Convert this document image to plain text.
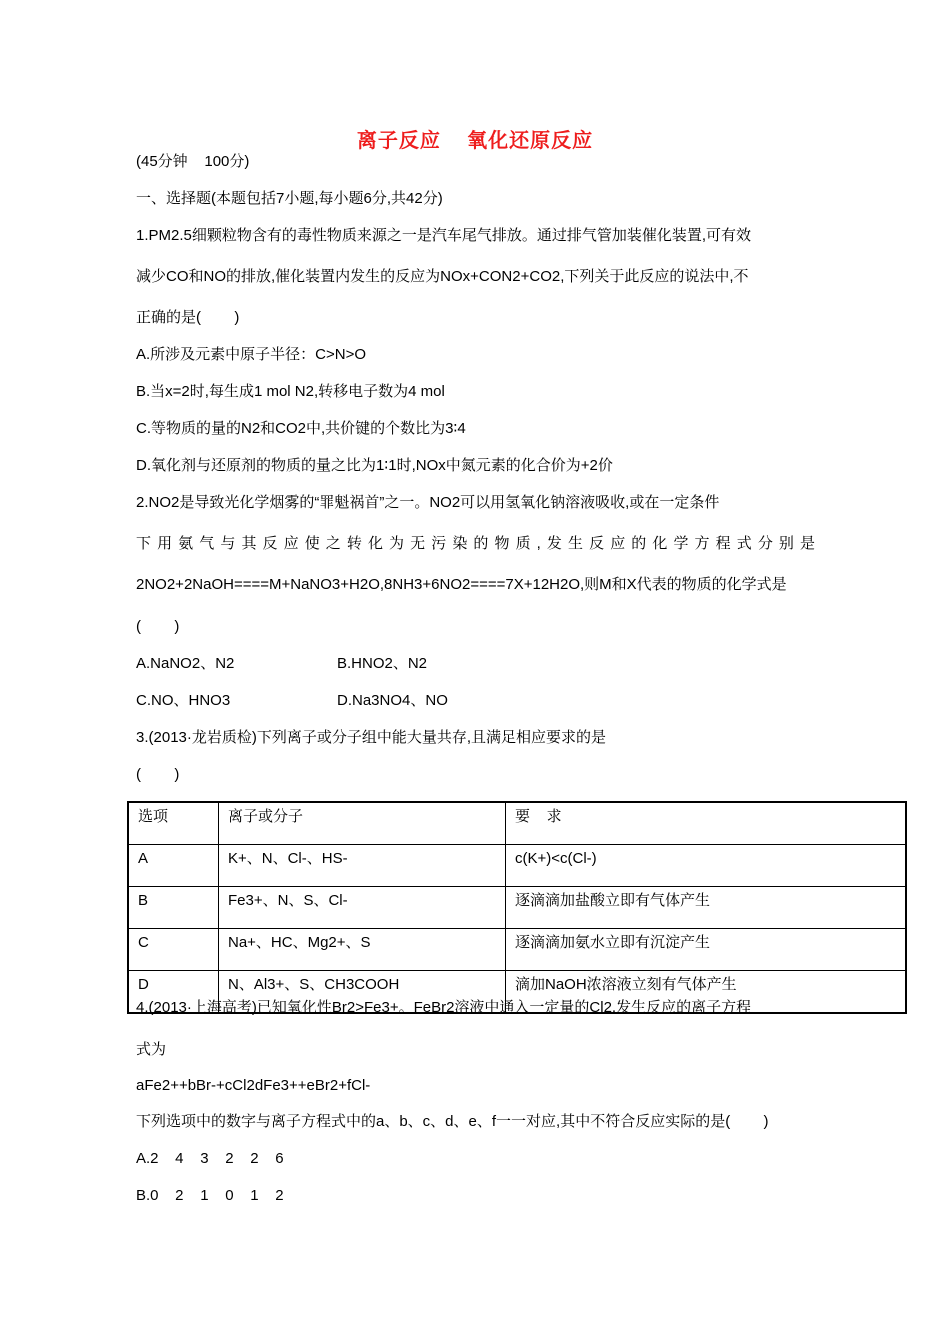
离子反应    氧化还原反应
(45分钟    100分)
一、选择题(本题包括7小题,每小题6分,共42分)
1.PM2.5细颗粒物含有的毒性物质来源之一是汽车尾气排放。通过排气管加装催化装置,可有效
减少CO和NO的排放,催化装置内发生的反应为NOx+CON2+CO2,下列关于此反应的说法中,不
正确的是(        )
A.所涉及元素中原子半径：C>N>O
B.当x=2时,每生成1 mol N2,转移电子数为4 mol
C.等物质的量的N2和CO2中,共价键的个数比为3∶4
D.氧化剂与还原剂的物质的量之比为1∶1时,NOx中氮元素的化合价为+2价
2.NO2是导致光化学烟雾的“罪魁祸首”之一。NO2可以用氢氧化钠溶液吸收,或在一定条件
下用氨气与其反应使之转化为无污染的物质,发生反应的化学方程式分别是
2NO2+2NaOH====M+NaNO3+H2O,8NH3+6NO2====7X+12H2O,则M和X代表的物质的化学式是
(        )
A.NaNO2、N2	B.HNO2、N2
C.NO、HNO3	D.Na3NO4、NO
3.(2013·龙岩质检)下列离子或分子组中能大量共存,且满足相应要求的是
(        )
选项	离子或分子	要    求
A	K+、N、Cl-、HS-	c(K+)<c(Cl-)
B	Fe3+、N、S、Cl-	逐滴滴加盐酸立即有气体产生
C	Na+、HC、Mg2+、S	逐滴滴加氨水立即有沉淀产生
D	N、Al3+、S、CH3COOH	滴加NaOH浓溶液立刻有气体产生
4.(2013·上海高考)已知氧化性Br2>Fe3+。FeBr2溶液中通入一定量的Cl2,发生反应的离子方程
式为
aFe2++bBr-+cCl2dFe3++eBr2+fCl-
下列选项中的数字与离子方程式中的a、b、c、d、e、f一一对应,其中不符合反应实际的是(        )
A.2    4    3    2    2    6
B.0    2    1    0    1    2
